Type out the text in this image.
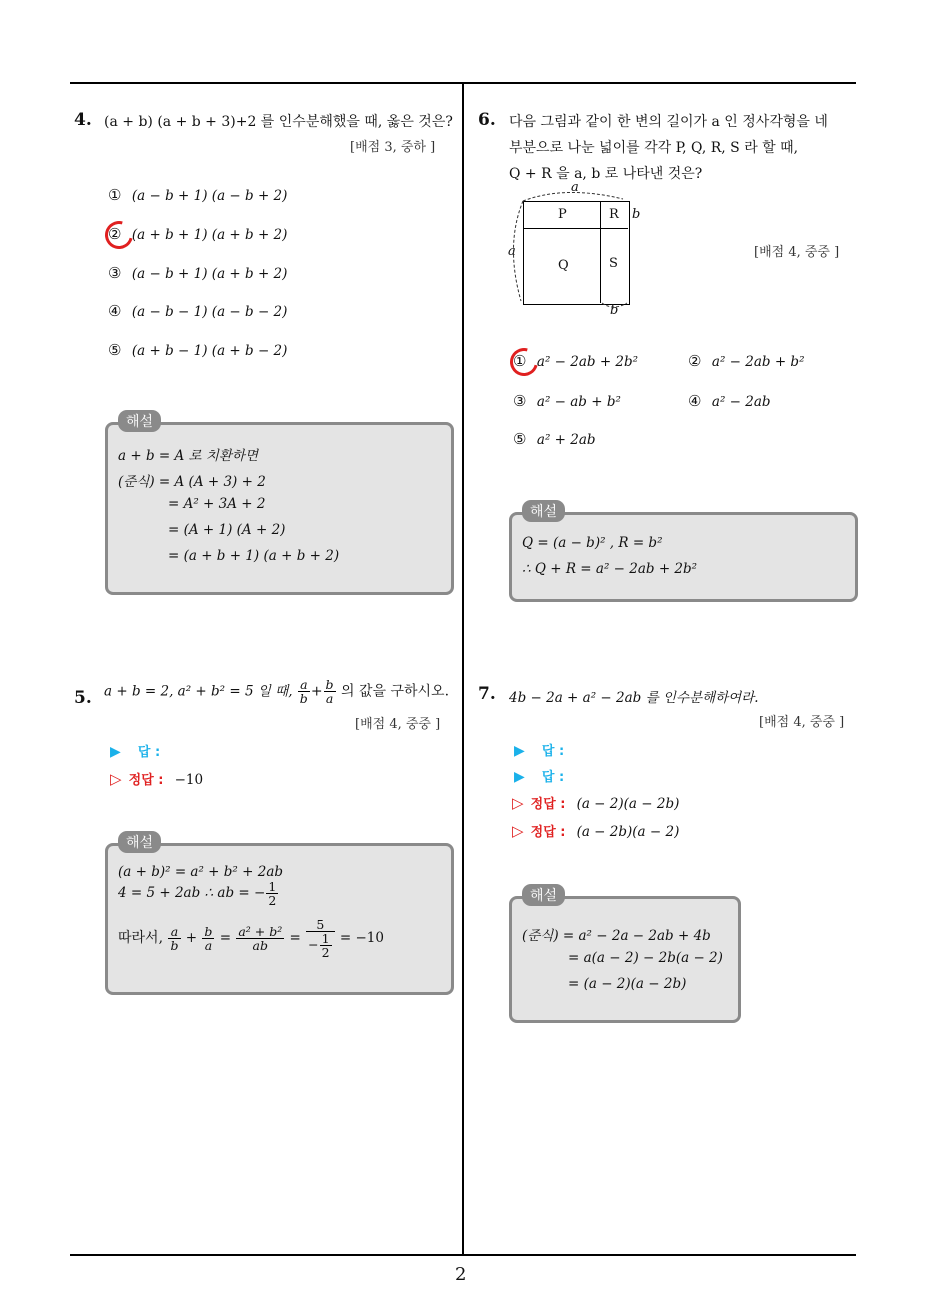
2
4. (a + b) (a + b + 3)+2 를 인수분해했을 때, 옳은 것은?
[배점 3, 중하 ]
① (a − b + 1) (a − b + 2)
② (a + b + 1) (a + b + 2)
③ (a − b + 1) (a + b + 2)
④ (a − b − 1) (a − b − 2)
⑤ (a + b − 1) (a + b − 2)
해설
a + b = A 로 치환하면
(준식) = A (A + 3) + 2
= A² + 3A + 2
= (A + 1) (A + 2)
= (a + b + 1) (a + b + 2)
5. a + b = 2, a² + b² = 5 일 때, $\frac{a}{b} + \frac{b}{a}$ 의 값을 구하시오.
[배점 4, 중중 ]
▶ 답 :
▷ 정답 : −10
해설
(a + b)² = a² + b² + 2ab
4 = 5 + 2ab ∴ ab = − $\frac{1}{2}$
따라서, $\frac{a}{b} + \frac{b}{a} = \frac{\text{a² + b²}}{ab} = \frac{5}{- \frac{1}{2}} = -10$
6. 다음 그림과 같이 한 변의 길이가 a 인 정사각형을 네
부분으로 나눈 넓이를 각각 P, Q, R, S 라 할 때,
Q + R 을 a, b 로 나타낸 것은?
P	R
Q	S
a
a
b
b
[배점 4, 중중 ]
① a² − 2ab + 2b²	② a² − 2ab + b²
③ a² − ab + b²	④ a² − 2ab
⑤ a² + 2ab
해설
Q = (a − b)² , R = b²
∴ Q + R = a² − 2ab + 2b²
7. 4b − 2a + a² − 2ab 를 인수분해하여라.
[배점 4, 중중 ]
▶ 답 :
▶ 답 :
▷ 정답 : (a − 2)(a − 2b)
▷ 정답 : (a − 2b)(a − 2)
해설
(준식) = a² − 2a − 2ab + 4b
= a(a − 2) − 2b(a − 2)
= (a − 2)(a − 2b)
